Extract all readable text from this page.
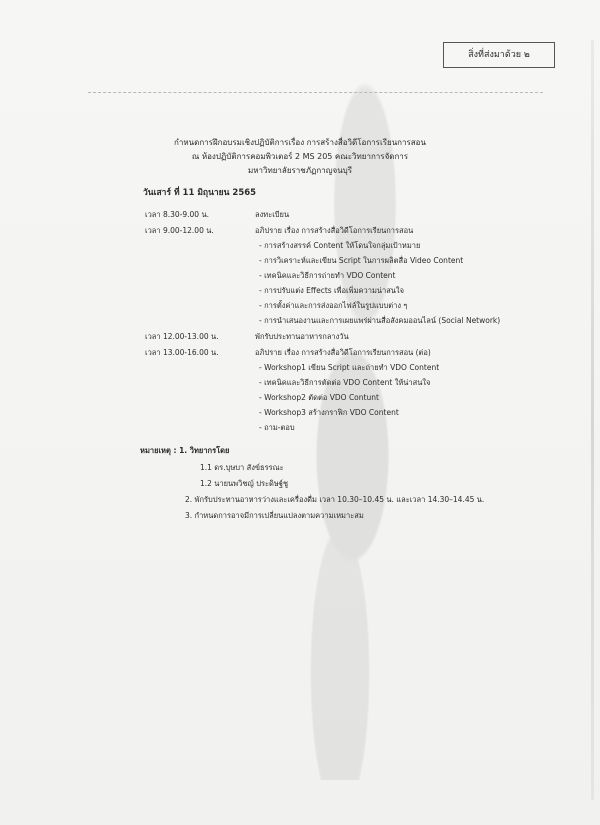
สิ่งที่ส่งมาด้วย ๒
กำหนดการฝึกอบรมเชิงปฏิบัติการเรื่อง การสร้างสื่อวิดีโอการเรียนการสอน
ณ ห้องปฏิบัติการคอมพิวเตอร์ 2 MS 205 คณะวิทยาการจัดการ
มหาวิทยาลัยราชภัฏกาญจนบุรี
วันเสาร์ ที่ 11 มิถุนายน 2565
เวลา 8.30-9.00 น.	ลงทะเบียน
เวลา 9.00-12.00 น.	อภิปราย เรื่อง การสร้างสื่อวิดีโอการเรียนการสอน
- การสร้างสรรค์ Content ให้โดนใจกลุ่มเป้าหมาย
- การวิเคราะห์และเขียน Script ในการผลิตสื่อ Video Content
- เทคนิคและวิธีการถ่ายทำ VDO Content
- การปรับแต่ง Effects เพื่อเพิ่มความน่าสนใจ
- การตั้งค่าและการส่งออกไฟล์ในรูปแบบต่าง ๆ
- การนำเสนองานและการเผยแพร่ผ่านสื่อสังคมออนไลน์ (Social Network)
เวลา 12.00-13.00 น.	พักรับประทานอาหารกลางวัน
เวลา 13.00-16.00 น.	อภิปราย เรื่อง การสร้างสื่อวิดีโอการเรียนการสอน (ต่อ)
- Workshop1 เขียน Script และถ่ายทำ VDO Content
- เทคนิคและวิธีการตัดต่อ VDO Content ให้น่าสนใจ
- Workshop2 ตัดต่อ VDO Contunt
- Workshop3 สร้างกราฟิก VDO Content
- ถาม-ตอบ
หมายเหตุ : 1. วิทยากรโดย
1.1 ดร.บุษบา สังข์ธรรณะ
1.2 นายนพวิชญ์ ประดิษฐ์ชู
2. พักรับประทานอาหารว่างและเครื่องดื่ม เวลา 10.30–10.45 น. และเวลา 14.30–14.45 น.
3. กำหนดการอาจมีการเปลี่ยนแปลงตามความเหมาะสม
